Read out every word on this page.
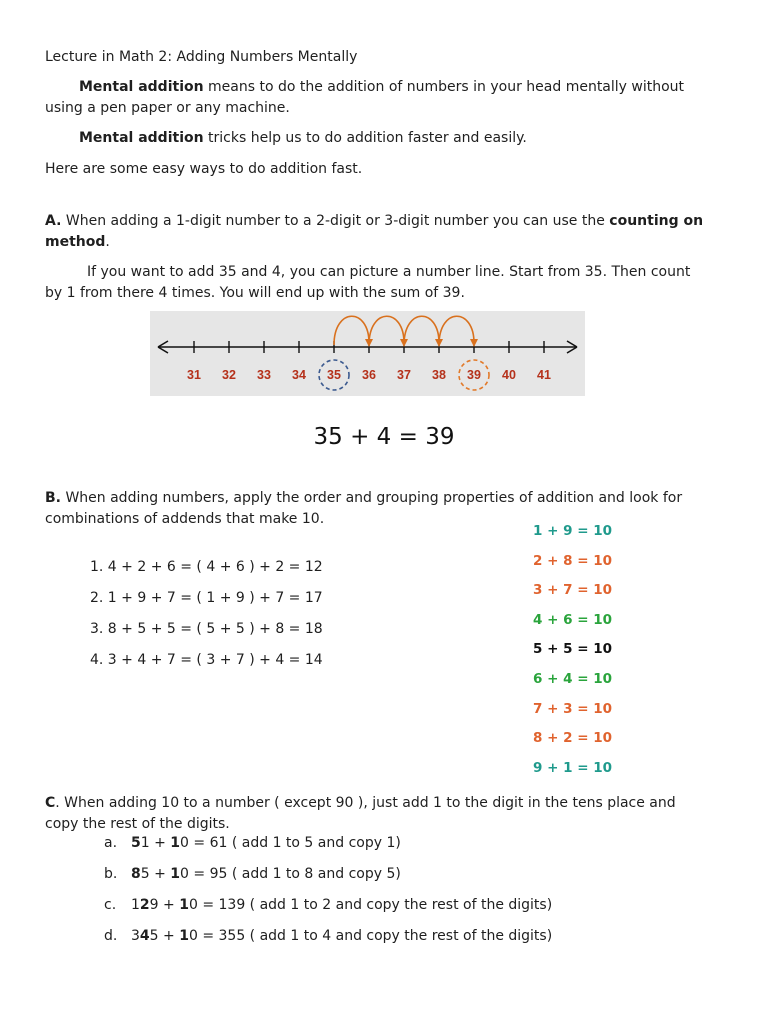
Lecture in Math 2: Adding Numbers Mentally
Mental addition means to do the addition of numbers in your head mentally without
using a pen paper or any machine.
Mental addition tricks help us to do addition faster and easily.
Here are some easy ways to do addition fast.
A. When adding a 1-digit number to a 2-digit or 3-digit number you can use the counting on
method.
If you want to add 35 and 4, you can picture a number line. Start from 35. Then count
by 1 from there 4 times. You will end up with the sum of 39.
31 32 33 34 35 36 37 38 39 40 41
35 + 4 = 39
B. When adding numbers, apply the order and grouping properties of addition and look for
combinations of addends that make 10.
1. 4 + 2 + 6 = ( 4 + 6 ) + 2 = 12
2. 1 + 9 + 7 = ( 1 + 9 ) + 7 = 17
3. 8 + 5 + 5 = ( 5 + 5 ) + 8 = 18
4. 3 + 4 + 7 = ( 3 + 7 ) + 4 = 14
1 + 9 = 10
2 + 8 = 10
3 + 7 = 10
4 + 6 = 10
5 + 5 = 10
6 + 4 = 10
7 + 3 = 10
8 + 2 = 10
9 + 1 = 10
C. When adding 10 to a number ( except 90 ), just add 1 to the digit in the tens place and
copy the rest of the digits.
a. 51 + 10 = 61 ( add 1 to 5 and copy 1)
b. 85 + 10 = 95 ( add 1 to 8 and copy 5)
c. 129 + 10 = 139 ( add 1 to 2 and copy the rest of the digits)
d. 345 + 10 = 355 ( add 1 to 4 and copy the rest of the digits)
